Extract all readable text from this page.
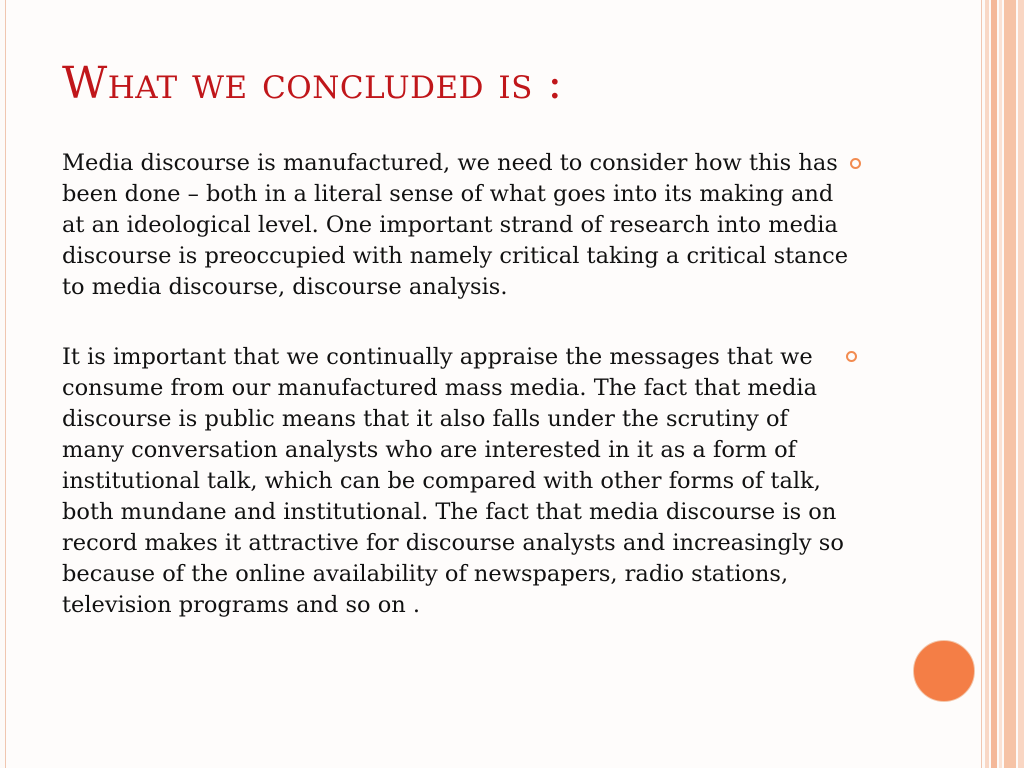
What we concluded is :

Media discourse is manufactured, we need to consider how this has been done – both in a literal sense of what goes into its making and at an ideological level. One important strand of research into media discourse is preoccupied with namely critical taking a critical stance to media discourse, discourse analysis.

It is important that we continually appraise the messages that we consume from our manufactured mass media. The fact that media discourse is public means that it also falls under the scrutiny of many conversation analysts who are interested in it as a form of institutional talk, which can be compared with other forms of talk, both mundane and institutional. The fact that media discourse is on record makes it attractive for discourse analysts and increasingly so because of the online availability of newspapers, radio stations, television programs and so on .
